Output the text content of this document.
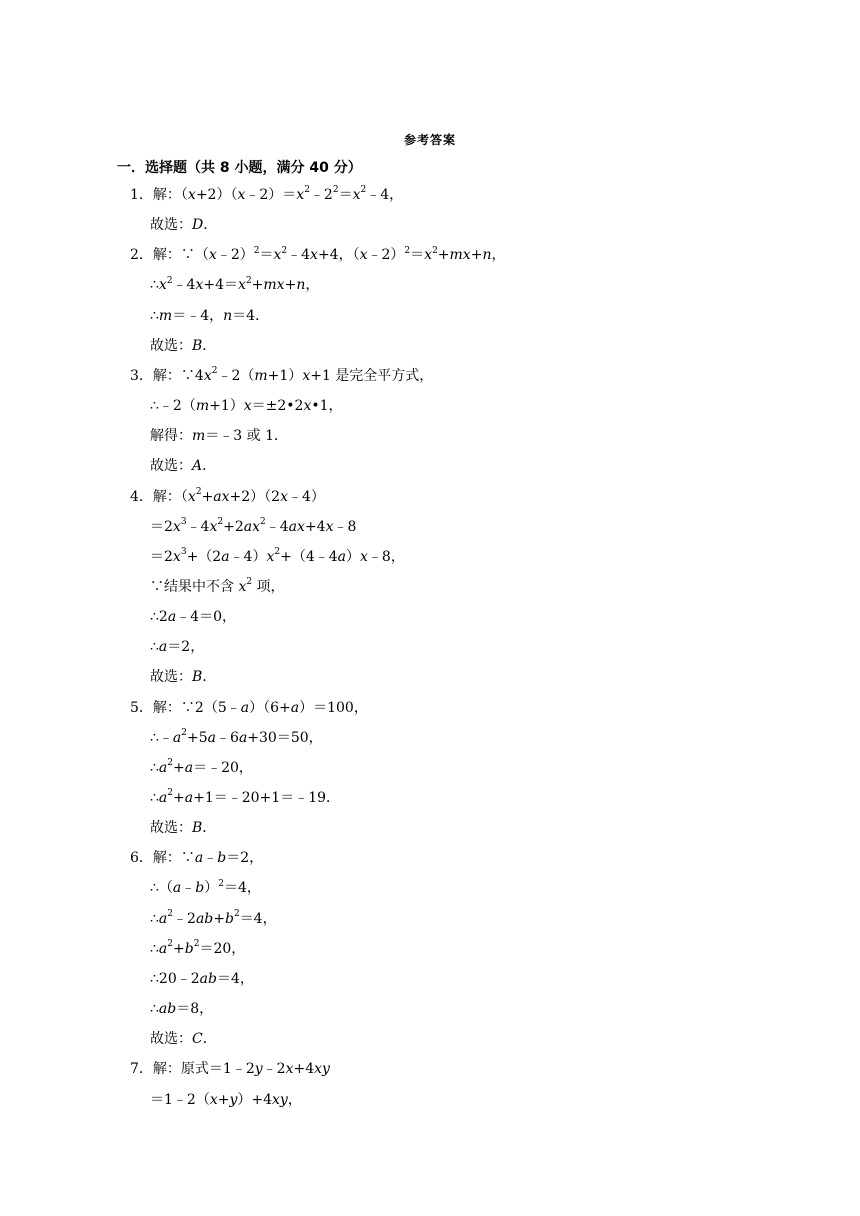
参考答案
一．选择题（共 8 小题，满分 40 分）
1．解：$(x+2)(x﹣2)=x^2﹣2^2=x^2﹣4$，
故选：D．
2．解：$\because(x﹣2)^2=x^2﹣4x+4$，$(x﹣2)^2=x^2+mx+n$，
$\therefore x^2﹣4x+4=x^2+mx+n$，
∴m＝﹣4，n＝4．
故选：B．
3．解：$\because 4x^2﹣2(m+1)x+1$ 是完全平方式，
∴﹣2（m+1）x＝±2•2x•1，
解得：m＝﹣3 或 1．
故选：A．
4．解：$(x^2+ax+2)(2x﹣4)$
$=2x^3﹣4x^2+2ax^2﹣4ax+4x﹣8$
$=2x^3+(2a﹣4)x^2+(4﹣4a)x﹣8$，
∵结果中不含 $x^2$ 项，
∴2a﹣4＝0，
∴a＝2，
故选：B．
5．解：∵2（5﹣a）（6+a）＝100，
$\therefore﹣a^2+5a﹣6a+30=50$，
$\therefore a^2+a=﹣20$，
$\therefore a^2+a+1=﹣20+1=﹣19$．
故选：B．
6．解：∵a﹣b＝2，
∴（a﹣b）$^2$＝4，
$\therefore a^2﹣2ab+b^2=4$，
$\therefore a^2+b^2=20$，
∴20﹣2ab＝4，
∴ab＝8，
故选：C．
7．解：原式＝1﹣2y﹣2x+4xy
＝1﹣2（x+y）+4xy，
